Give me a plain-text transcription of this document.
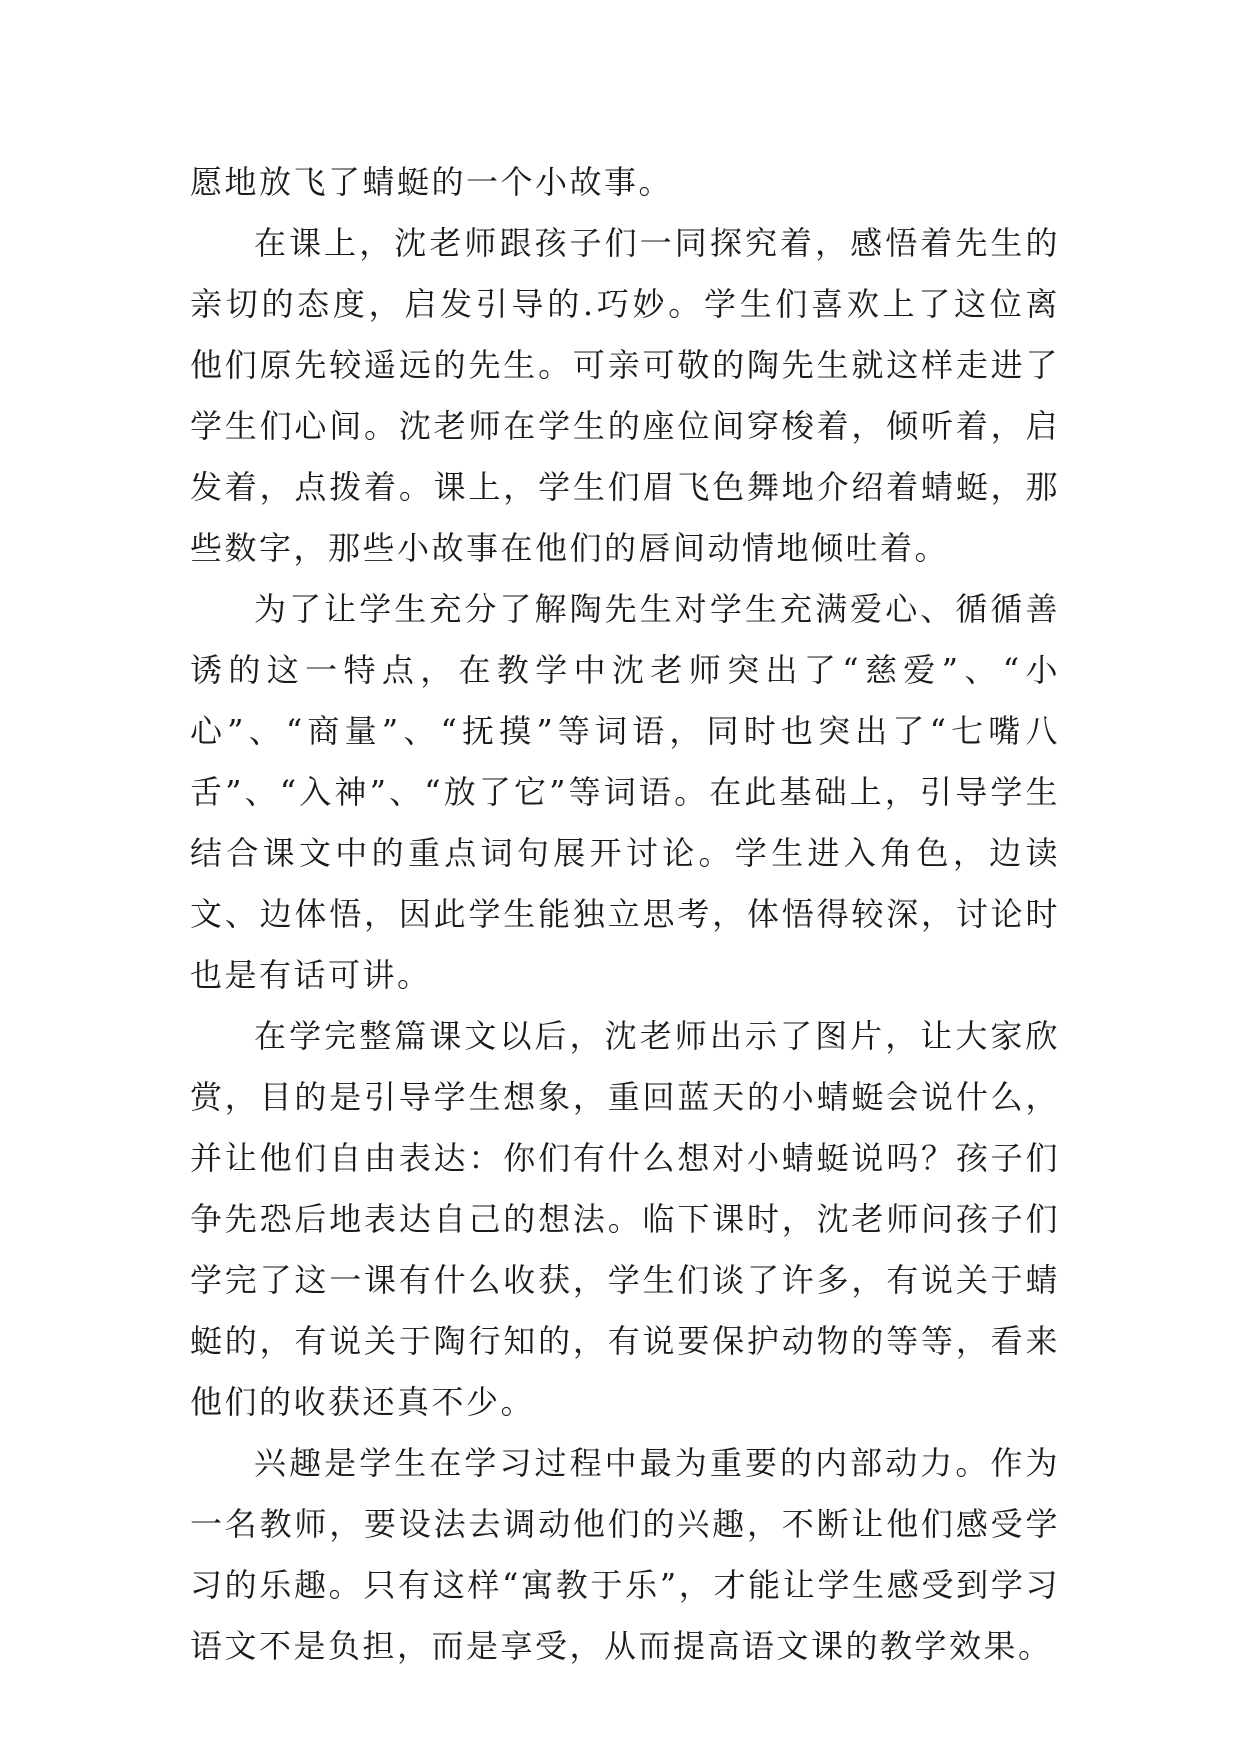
愿地放飞了蜻蜓的一个小故事。

在课上，沈老师跟孩子们一同探究着，感悟着先生的亲切的态度，启发引导的.巧妙。学生们喜欢上了这位离他们原先较遥远的先生。可亲可敬的陶先生就这样走进了学生们心间。沈老师在学生的座位间穿梭着，倾听着，启发着，点拨着。课上，学生们眉飞色舞地介绍着蜻蜓，那些数字，那些小故事在他们的唇间动情地倾吐着。

为了让学生充分了解陶先生对学生充满爱心、循循善诱的这一特点，在教学中沈老师突出了“慈爱”、“小心”、“商量”、“抚摸”等词语，同时也突出了“七嘴八舌”、“入神”、“放了它”等词语。在此基础上，引导学生结合课文中的重点词句展开讨论。学生进入角色，边读文、边体悟，因此学生能独立思考，体悟得较深，讨论时也是有话可讲。

在学完整篇课文以后，沈老师出示了图片，让大家欣赏，目的是引导学生想象，重回蓝天的小蜻蜓会说什么，并让他们自由表达：你们有什么想对小蜻蜓说吗？孩子们争先恐后地表达自己的想法。临下课时，沈老师问孩子们学完了这一课有什么收获，学生们谈了许多，有说关于蜻蜓的，有说关于陶行知的，有说要保护动物的等等，看来他们的收获还真不少。

兴趣是学生在学习过程中最为重要的内部动力。作为一名教师，要设法去调动他们的兴趣，不断让他们感受学习的乐趣。只有这样“寓教于乐”，才能让学生感受到学习语文不是负担，而是享受，从而提高语文课的教学效果。
